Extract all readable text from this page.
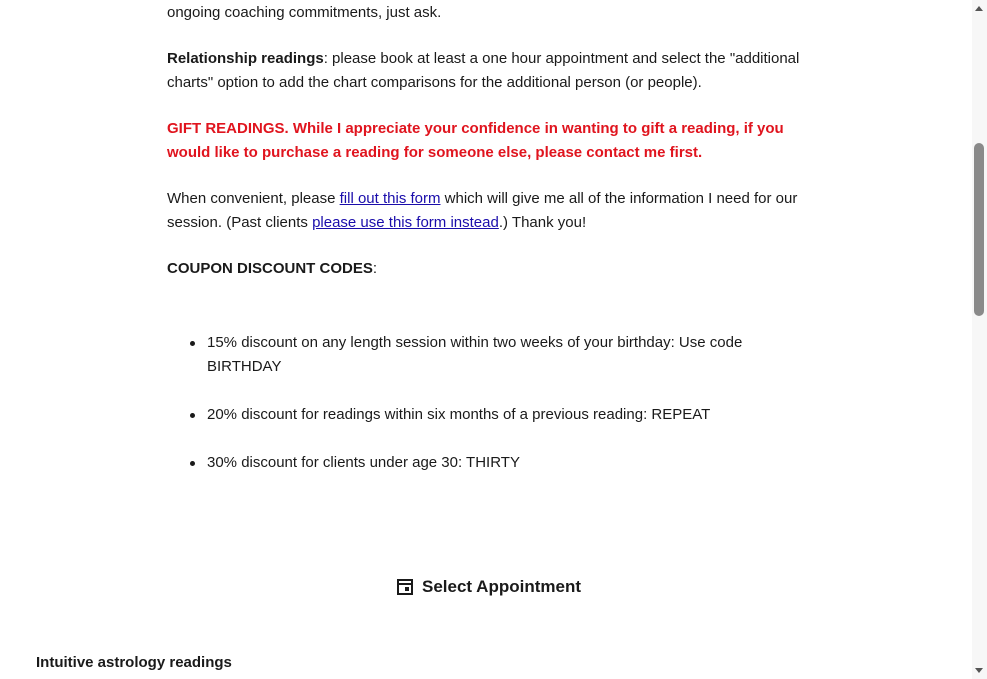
ongoing coaching commitments, just ask.

Relationship readings: please book at least a one hour appointment and select the "additional charts" option to add the chart comparisons for the additional person (or people).

GIFT READINGS. While I appreciate your confidence in wanting to gift a reading, if you would like to purchase a reading for someone else, please contact me first.

When convenient, please fill out this form which will give me all of the information I need for our session. (Past clients please use this form instead.) Thank you!

COUPON DISCOUNT CODES:

15% discount on any length session within two weeks of your birthday: Use code BIRTHDAY
20% discount for readings within six months of a previous reading: REPEAT
30% discount for clients under age 30: THIRTY
Select Appointment
Intuitive astrology readings
